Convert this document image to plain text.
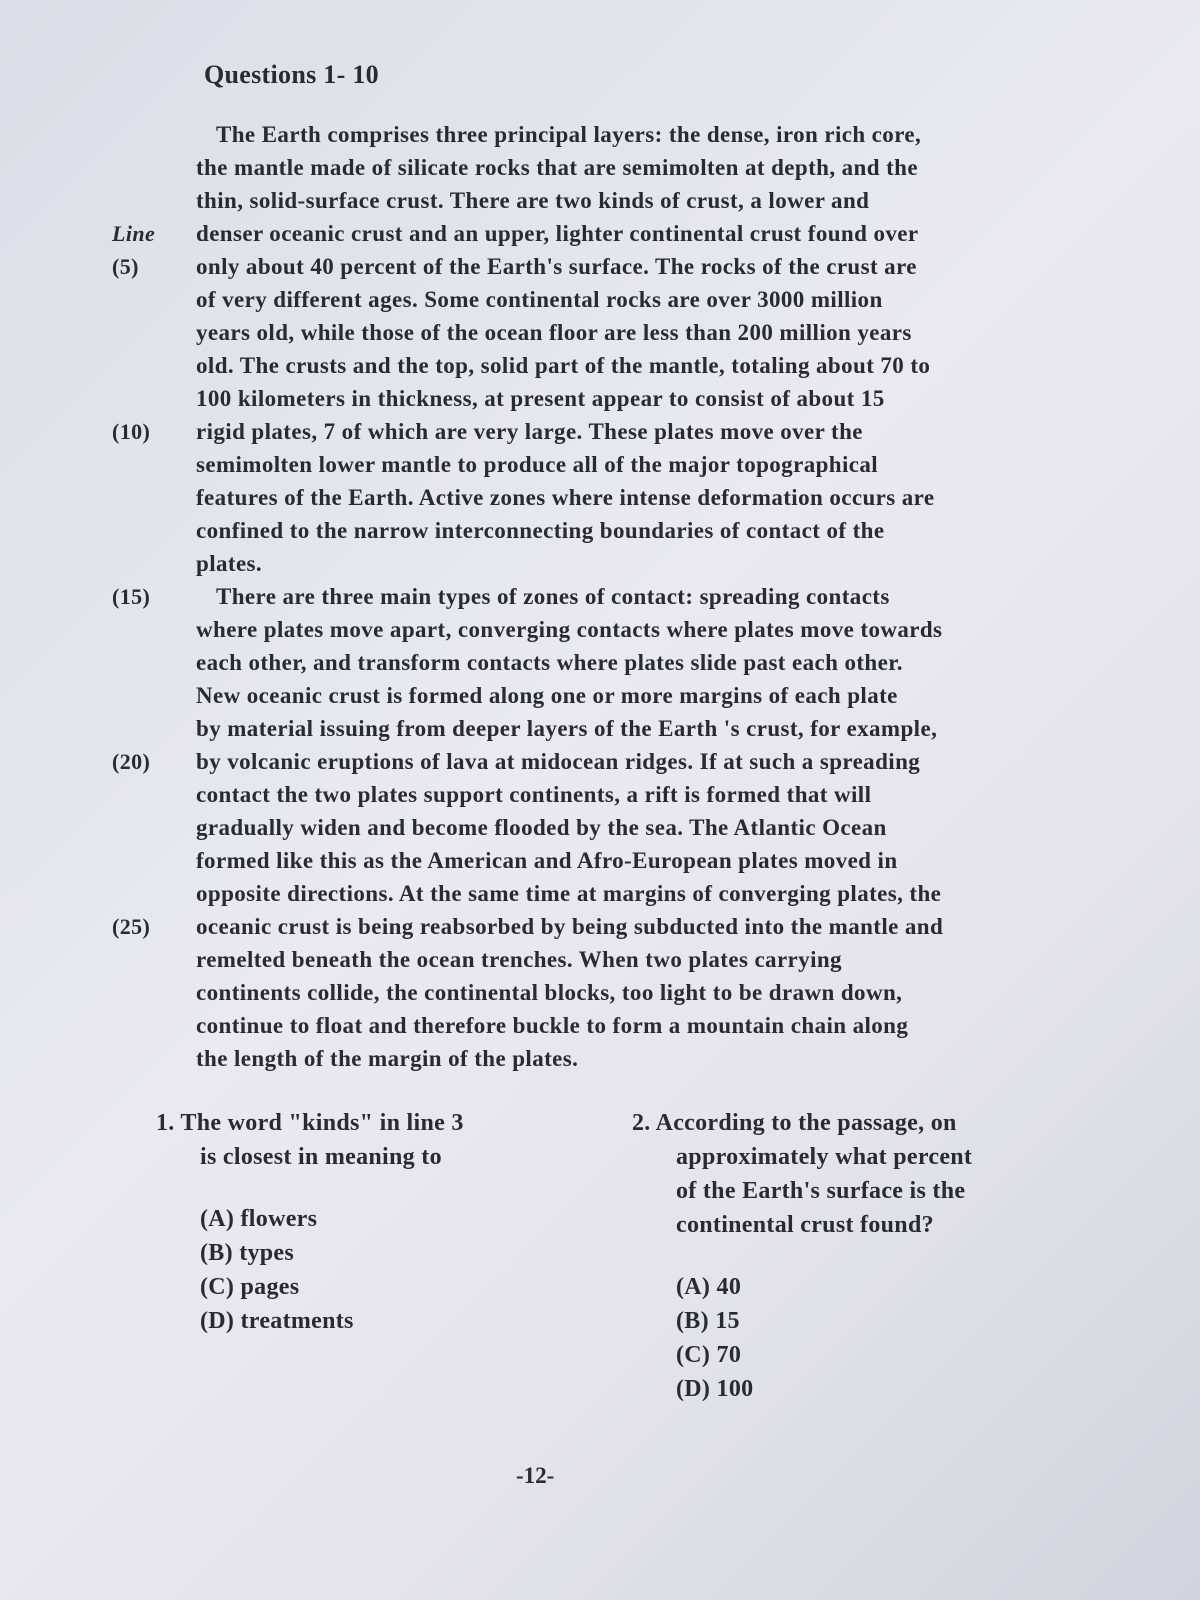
Questions 1- 10
The Earth comprises three principal layers: the dense, iron rich core,
the mantle made of silicate rocks that are semimolten at depth, and the
thin, solid-surface crust. There are two kinds of crust, a lower and
Line	denser oceanic crust and an upper, lighter continental crust found over
(5)	only about 40 percent of the Earth's surface. The rocks of the crust are
of very different ages. Some continental rocks are over 3000 million
years old, while those of the ocean floor are less than 200 million years
old. The crusts and the top, solid part of the mantle, totaling about 70 to
100 kilometers in thickness, at present appear to consist of about 15
(10)	rigid plates, 7 of which are very large. These plates move over the
semimolten lower mantle to produce all of the major topographical
features of the Earth. Active zones where intense deformation occurs are
confined to the narrow interconnecting boundaries of contact of the
plates.
(15)	There are three main types of zones of contact: spreading contacts
where plates move apart, converging contacts where plates move towards
each other, and transform contacts where plates slide past each other.
New oceanic crust is formed along one or more margins of each plate
by material issuing from deeper layers of the Earth 's crust, for example,
(20)	by volcanic eruptions of lava at midocean ridges. If at such a spreading
contact the two plates support continents, a rift is formed that will
gradually widen and become flooded by the sea. The Atlantic Ocean
formed like this as the American and Afro-European plates moved in
opposite directions. At the same time at margins of converging plates, the
(25)	oceanic crust is being reabsorbed by being subducted into the mantle and
remelted beneath the ocean trenches. When two plates carrying
continents collide, the continental blocks, too light to be drawn down,
continue to float and therefore buckle to form a mountain chain along
the length of the margin of the plates.
1. The word "kinds" in line 3
is closest in meaning to
(A) flowers
(B) types
(C) pages
(D) treatments
2. According to the passage, on
approximately what percent
of the Earth's surface is the
continental crust found?
(A) 40
(B) 15
(C) 70
(D) 100
-12-
